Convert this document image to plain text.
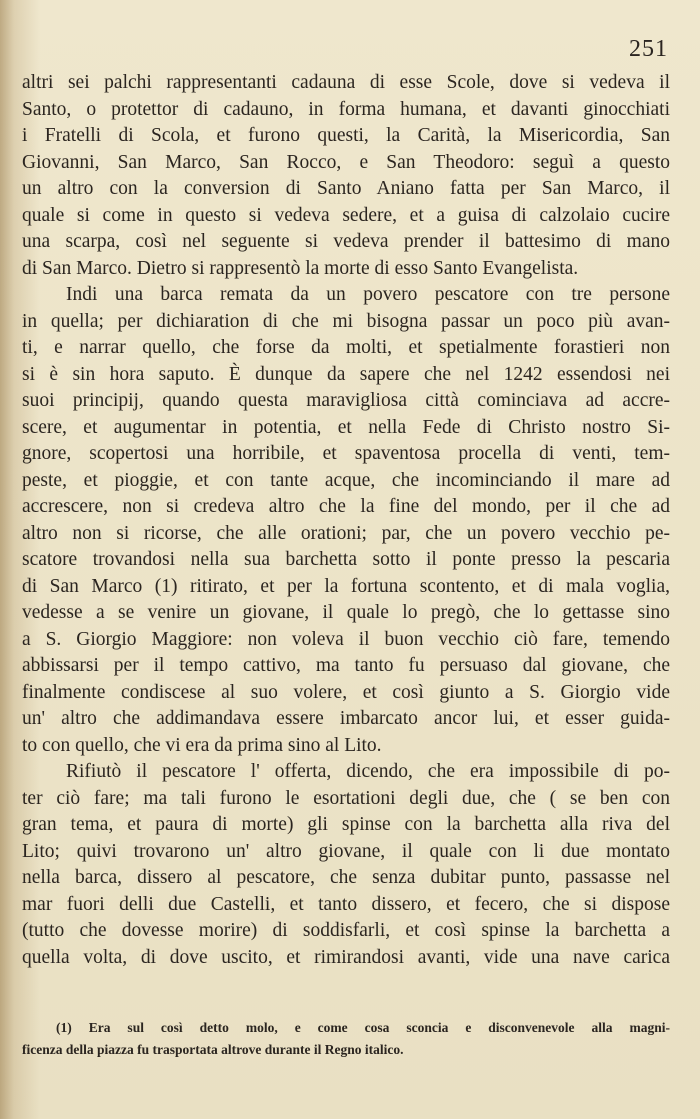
251
altri sei palchi rappresentanti cadauna di esse Scole, dove si vedeva il
Santo, o protettor di cadauno, in forma humana, et davanti ginocchiati
i Fratelli di Scola, et furono questi, la Carità, la Misericordia, San
Giovanni, San Marco, San Rocco, e San Theodoro: seguì a questo
un altro con la conversion di Santo Aniano fatta per San Marco, il
quale si come in questo si vedeva sedere, et a guisa di calzolaio cucire
una scarpa, così nel seguente si vedeva prender il battesimo di mano
di San Marco. Dietro si rappresentò la morte di esso Santo Evangelista.
Indi una barca remata da un povero pescatore con tre persone
in quella; per dichiaration di che mi bisogna passar un poco più avan-
ti, e narrar quello, che forse da molti, et spetialmente forastieri non
si è sin hora saputo. È dunque da sapere che nel 1242 essendosi nei
suoi principij, quando questa maravigliosa città cominciava ad accre-
scere, et augumentar in potentia, et nella Fede di Christo nostro Si-
gnore, scopertosi una horribile, et spaventosa procella di venti, tem-
peste, et pioggie, et con tante acque, che incominciando il mare ad
accrescere, non si credeva altro che la fine del mondo, per il che ad
altro non si ricorse, che alle orationi; par, che un povero vecchio pe-
scatore trovandosi nella sua barchetta sotto il ponte presso la pescaria
di San Marco (1) ritirato, et per la fortuna scontento, et di mala voglia,
vedesse a se venire un giovane, il quale lo pregò, che lo gettasse sino
a S. Giorgio Maggiore: non voleva il buon vecchio ciò fare, temendo
abbissarsi per il tempo cattivo, ma tanto fu persuaso dal giovane, che
finalmente condiscese al suo volere, et così giunto a S. Giorgio vide
un' altro che addimandava essere imbarcato ancor lui, et esser guida-
to con quello, che vi era da prima sino al Lito.
Rifiutò il pescatore l' offerta, dicendo, che era impossibile di po-
ter ciò fare; ma tali furono le esortationi degli due, che ( se ben con
gran tema, et paura di morte) gli spinse con la barchetta alla riva del
Lito; quivi trovarono un' altro giovane, il quale con li due montato
nella barca, dissero al pescatore, che senza dubitar punto, passasse nel
mar fuori delli due Castelli, et tanto dissero, et fecero, che si dispose
(tutto che dovesse morire) di soddisfarli, et così spinse la barchetta a
quella volta, di dove uscito, et rimirandosi avanti, vide una nave carica
(1) Era sul così detto molo, e come cosa sconcia e disconvenevole alla magni-
ficenza della piazza fu trasportata altrove durante il Regno italico.
